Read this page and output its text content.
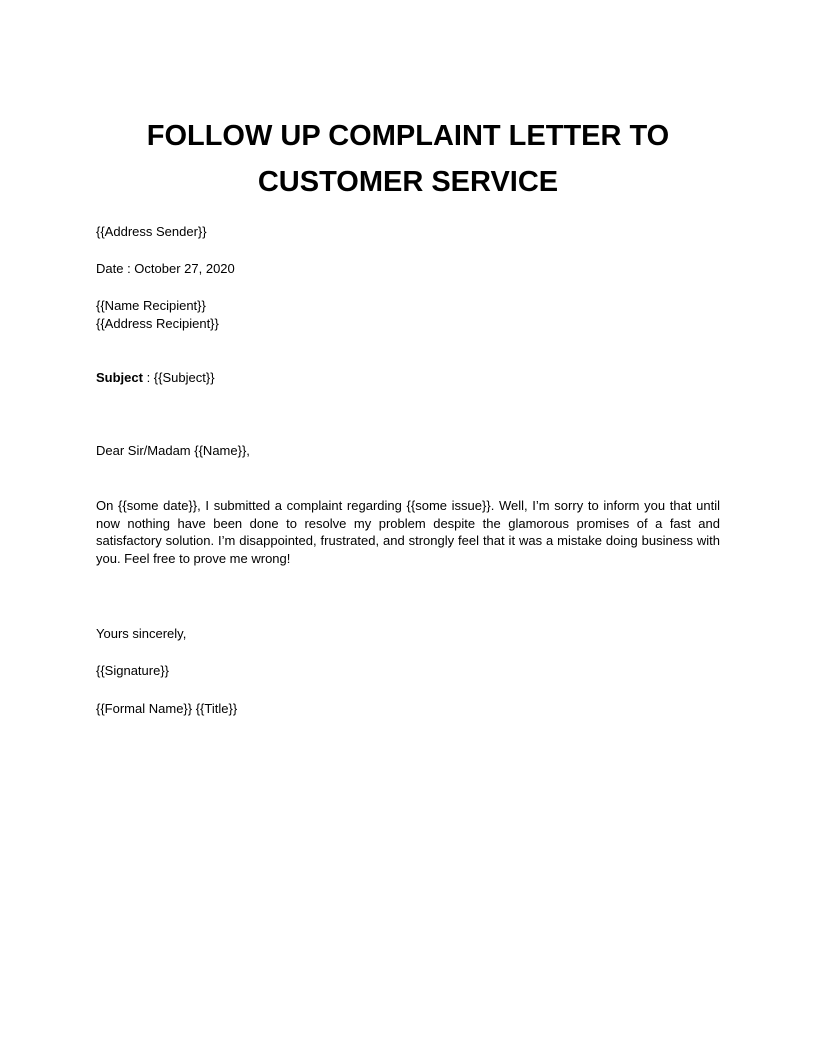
FOLLOW UP COMPLAINT LETTER TO
CUSTOMER SERVICE
{{Address Sender}}
Date : October 27, 2020
{{Name Recipient}}
{{Address Recipient}}
Subject : {{Subject}}
Dear Sir/Madam {{Name}},
On {{some date}}, I submitted a complaint regarding {{some issue}}. Well, I’m sorry to inform you that until now nothing have been done to resolve my problem despite the glamorous promises of a fast and satisfactory solution. I’m disappointed, frustrated, and strongly feel that it was a mistake doing business with you. Feel free to prove me wrong!
Yours sincerely,
{{Signature}}
{{Formal Name}} {{Title}}
